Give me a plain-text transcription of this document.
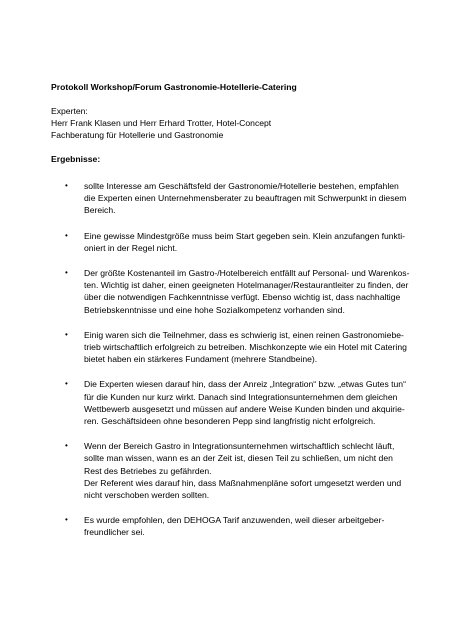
Protokoll Workshop/Forum Gastronomie-Hotellerie-Catering

Experten:
Herr Frank Klasen und Herr Erhard Trotter, Hotel-Concept
Fachberatung für Hotellerie und Gastronomie
Ergebnisse:
• sollte Interesse am Geschäftsfeld der Gastronomie/Hotellerie bestehen, empfahlen
die Experten einen Unternehmensberater zu beauftragen mit Schwerpunkt in diesem
Bereich.
• Eine gewisse Mindestgröße muss beim Start gegeben sein. Klein anzufangen funkti-
oniert in der Regel nicht.
• Der größte Kostenanteil im Gastro-/Hotelbereich entfällt auf Personal- und Warenkos-
ten. Wichtig ist daher, einen geeigneten Hotelmanager/Restaurantleiter zu finden, der
über die notwendigen Fachkenntnisse verfügt. Ebenso wichtig ist, dass nachhaltige
Betriebskenntnisse und eine hohe Sozialkompetenz vorhanden sind.
• Einig waren sich die Teilnehmer, dass es schwierig ist, einen reinen Gastronomiebe-
trieb wirtschaftlich erfolgreich zu betreiben. Mischkonzepte wie ein Hotel mit Catering
bietet haben ein stärkeres Fundament (mehrere Standbeine).
• Die Experten wiesen darauf hin, dass der Anreiz „Integration“ bzw. „etwas Gutes tun“
für die Kunden nur kurz wirkt. Danach sind Integrationsunternehmen dem gleichen
Wettbewerb ausgesetzt und müssen auf andere Weise Kunden binden und akquirie-
ren. Geschäftsideen ohne besonderen Pepp sind langfristig nicht erfolgreich.
• Wenn der Bereich Gastro in Integrationsunternehmen wirtschaftlich schlecht läuft,
sollte man wissen, wann es an der Zeit ist, diesen Teil zu schließen, um nicht den
Rest des Betriebes zu gefährden.
Der Referent wies darauf hin, dass Maßnahmenpläne sofort umgesetzt werden und
nicht verschoben werden sollten.
• Es wurde empfohlen, den DEHOGA Tarif anzuwenden, weil dieser arbeitgeber-
freundlicher sei.
